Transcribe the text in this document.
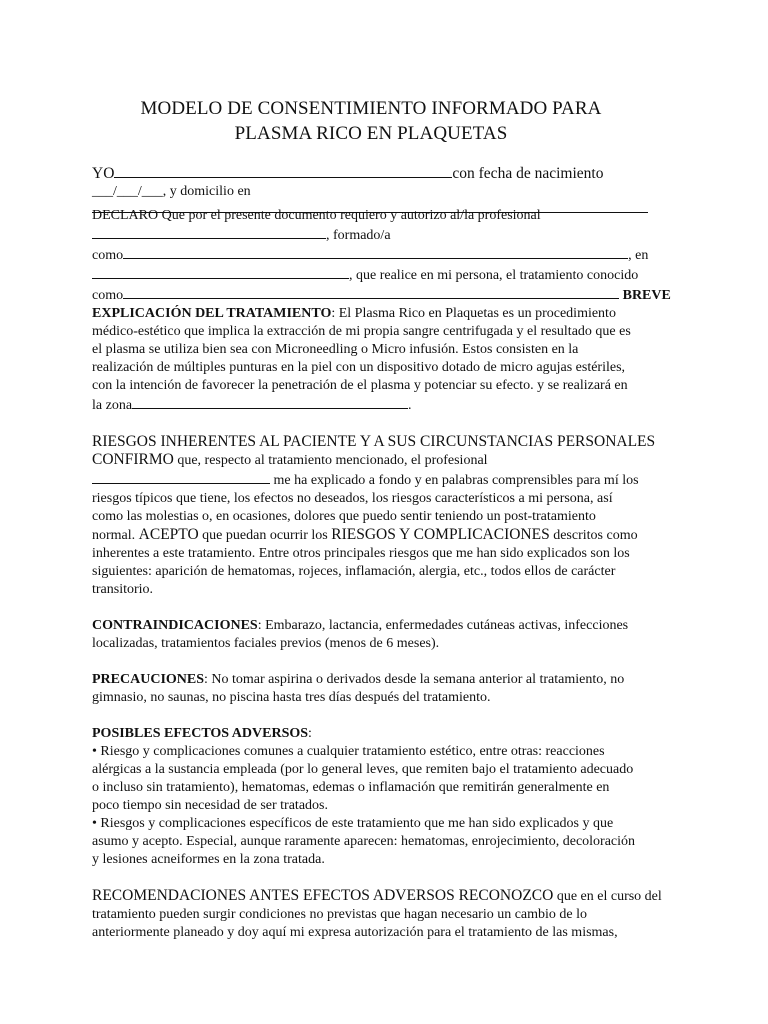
MODELO DE CONSENTIMIENTO INFORMADO PARA
PLASMA RICO EN PLAQUETAS
YO	con fecha de nacimiento
___/___/___, y domicilio en
DECLARO Que por el presente documento requiero y autorizo al/la profesional
, formado/a
como	, en
, que realice en mi persona, el tratamiento conocido
como	BREVE
EXPLICACIÓN DEL TRATAMIENTO: El Plasma Rico en Plaquetas es un procedimiento
médico-estético que implica la extracción de mi propia sangre centrifugada y el resultado que es
el plasma se utiliza bien sea con Microneedling o Micro infusión. Estos consisten en la
realización de múltiples punturas en la piel con un dispositivo dotado de micro agujas estériles,
con la intención de favorecer la penetración de el plasma y potenciar su efecto. y se realizará en
la zona	.
RIESGOS INHERENTES AL PACIENTE Y A SUS CIRCUNSTANCIAS PERSONALES
CONFIRMO que, respecto al tratamiento mencionado, el profesional
me ha explicado a fondo y en palabras comprensibles para mí los
riesgos típicos que tiene, los efectos no deseados, los riesgos característicos a mi persona, así
como las molestias o, en ocasiones, dolores que puedo sentir teniendo un post-tratamiento
normal. ACEPTO que puedan ocurrir los RIESGOS Y COMPLICACIONES descritos como
inherentes a este tratamiento. Entre otros principales riesgos que me han sido explicados son los
siguientes: aparición de hematomas, rojeces, inflamación, alergia, etc., todos ellos de carácter
transitorio.
CONTRAINDICACIONES: Embarazo, lactancia, enfermedades cutáneas activas, infecciones
localizadas, tratamientos faciales previos (menos de 6 meses).
PRECAUCIONES: No tomar aspirina o derivados desde la semana anterior al tratamiento, no
gimnasio, no saunas, no piscina hasta tres días después del tratamiento.
POSIBLES EFECTOS ADVERSOS:
• Riesgo y complicaciones comunes a cualquier tratamiento estético, entre otras: reacciones
alérgicas a la sustancia empleada (por lo general leves, que remiten bajo el tratamiento adecuado
o incluso sin tratamiento), hematomas, edemas o inflamación que remitirán generalmente en
poco tiempo sin necesidad de ser tratados.
• Riesgos y complicaciones específicos de este tratamiento que me han sido explicados y que
asumo y acepto. Especial, aunque raramente aparecen: hematomas, enrojecimiento, decoloración
y lesiones acneiformes en la zona tratada.
RECOMENDACIONES ANTES EFECTOS ADVERSOS RECONOZCO que en el curso del
tratamiento pueden surgir condiciones no previstas que hagan necesario un cambio de lo
anteriormente planeado y doy aquí mi expresa autorización para el tratamiento de las mismas,
